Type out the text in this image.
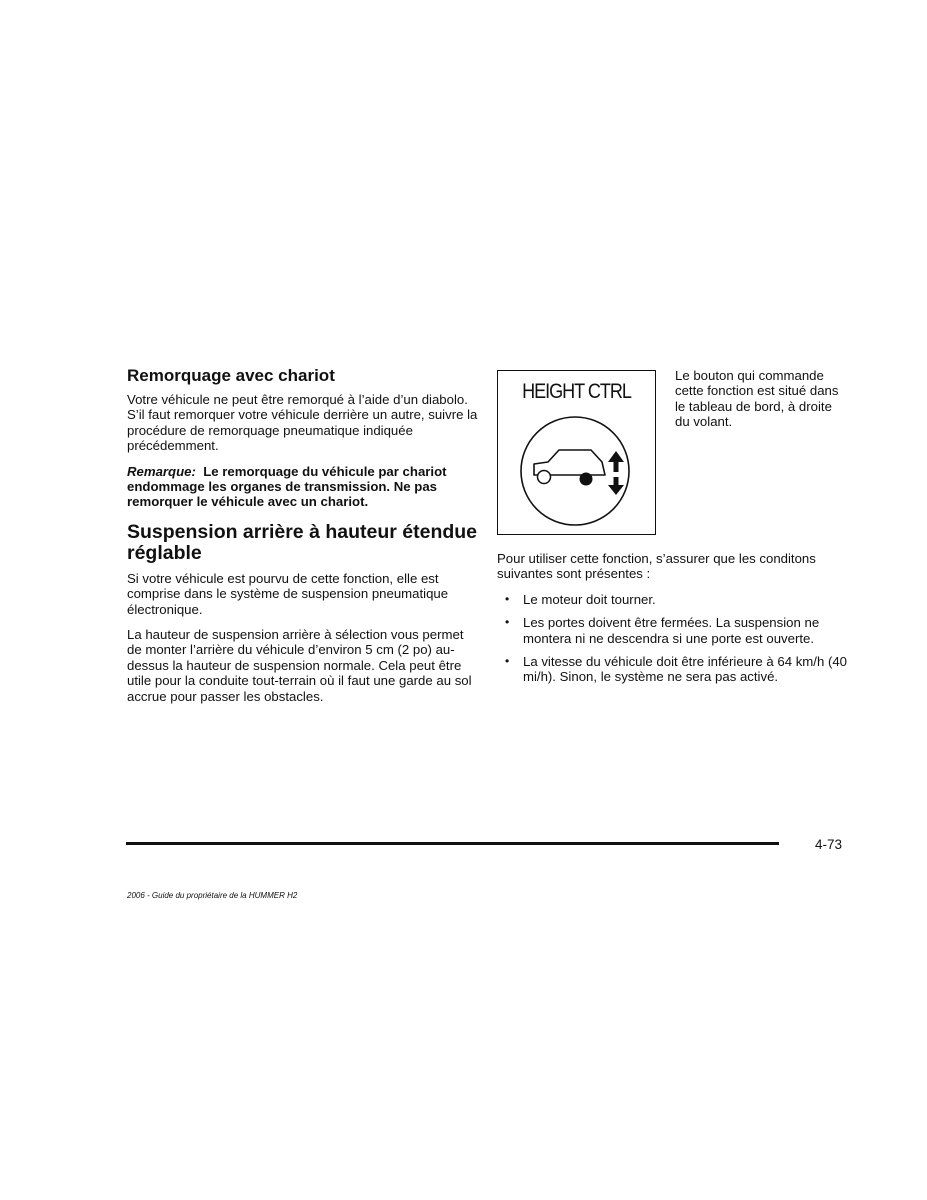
Remorquage avec chariot

Votre véhicule ne peut être remorqué à l’aide d’un diabolo. S’il faut remorquer votre véhicule derrière un autre, suivre la procédure de remorquage pneumatique indiquée précédemment.

Remarque: Le remorquage du véhicule par chariot endommage les organes de transmission. Ne pas remorquer le véhicule avec un chariot.

Suspension arrière à hauteur étendue réglable

Si votre véhicule est pourvu de cette fonction, elle est comprise dans le système de suspension pneumatique électronique.

La hauteur de suspension arrière à sélection vous permet de monter l’arrière du véhicule d’environ 5 cm (2 po) au-dessus la hauteur de suspension normale. Cela peut être utile pour la conduite tout-terrain où il faut une garde au sol accrue pour passer les obstacles.

HEIGHT CTRL

Le bouton qui commande cette fonction est situé dans le tableau de bord, à droite du volant.

Pour utiliser cette fonction, s’assurer que les conditons suivantes sont présentes :

• Le moteur doit tourner.
• Les portes doivent être fermées. La suspension ne montera ni ne descendra si une porte est ouverte.
• La vitesse du véhicule doit être inférieure à 64 km/h (40 mi/h). Sinon, le système ne sera pas activé.
4-73
2006 - Guide du propriétaire de la HUMMER H2
